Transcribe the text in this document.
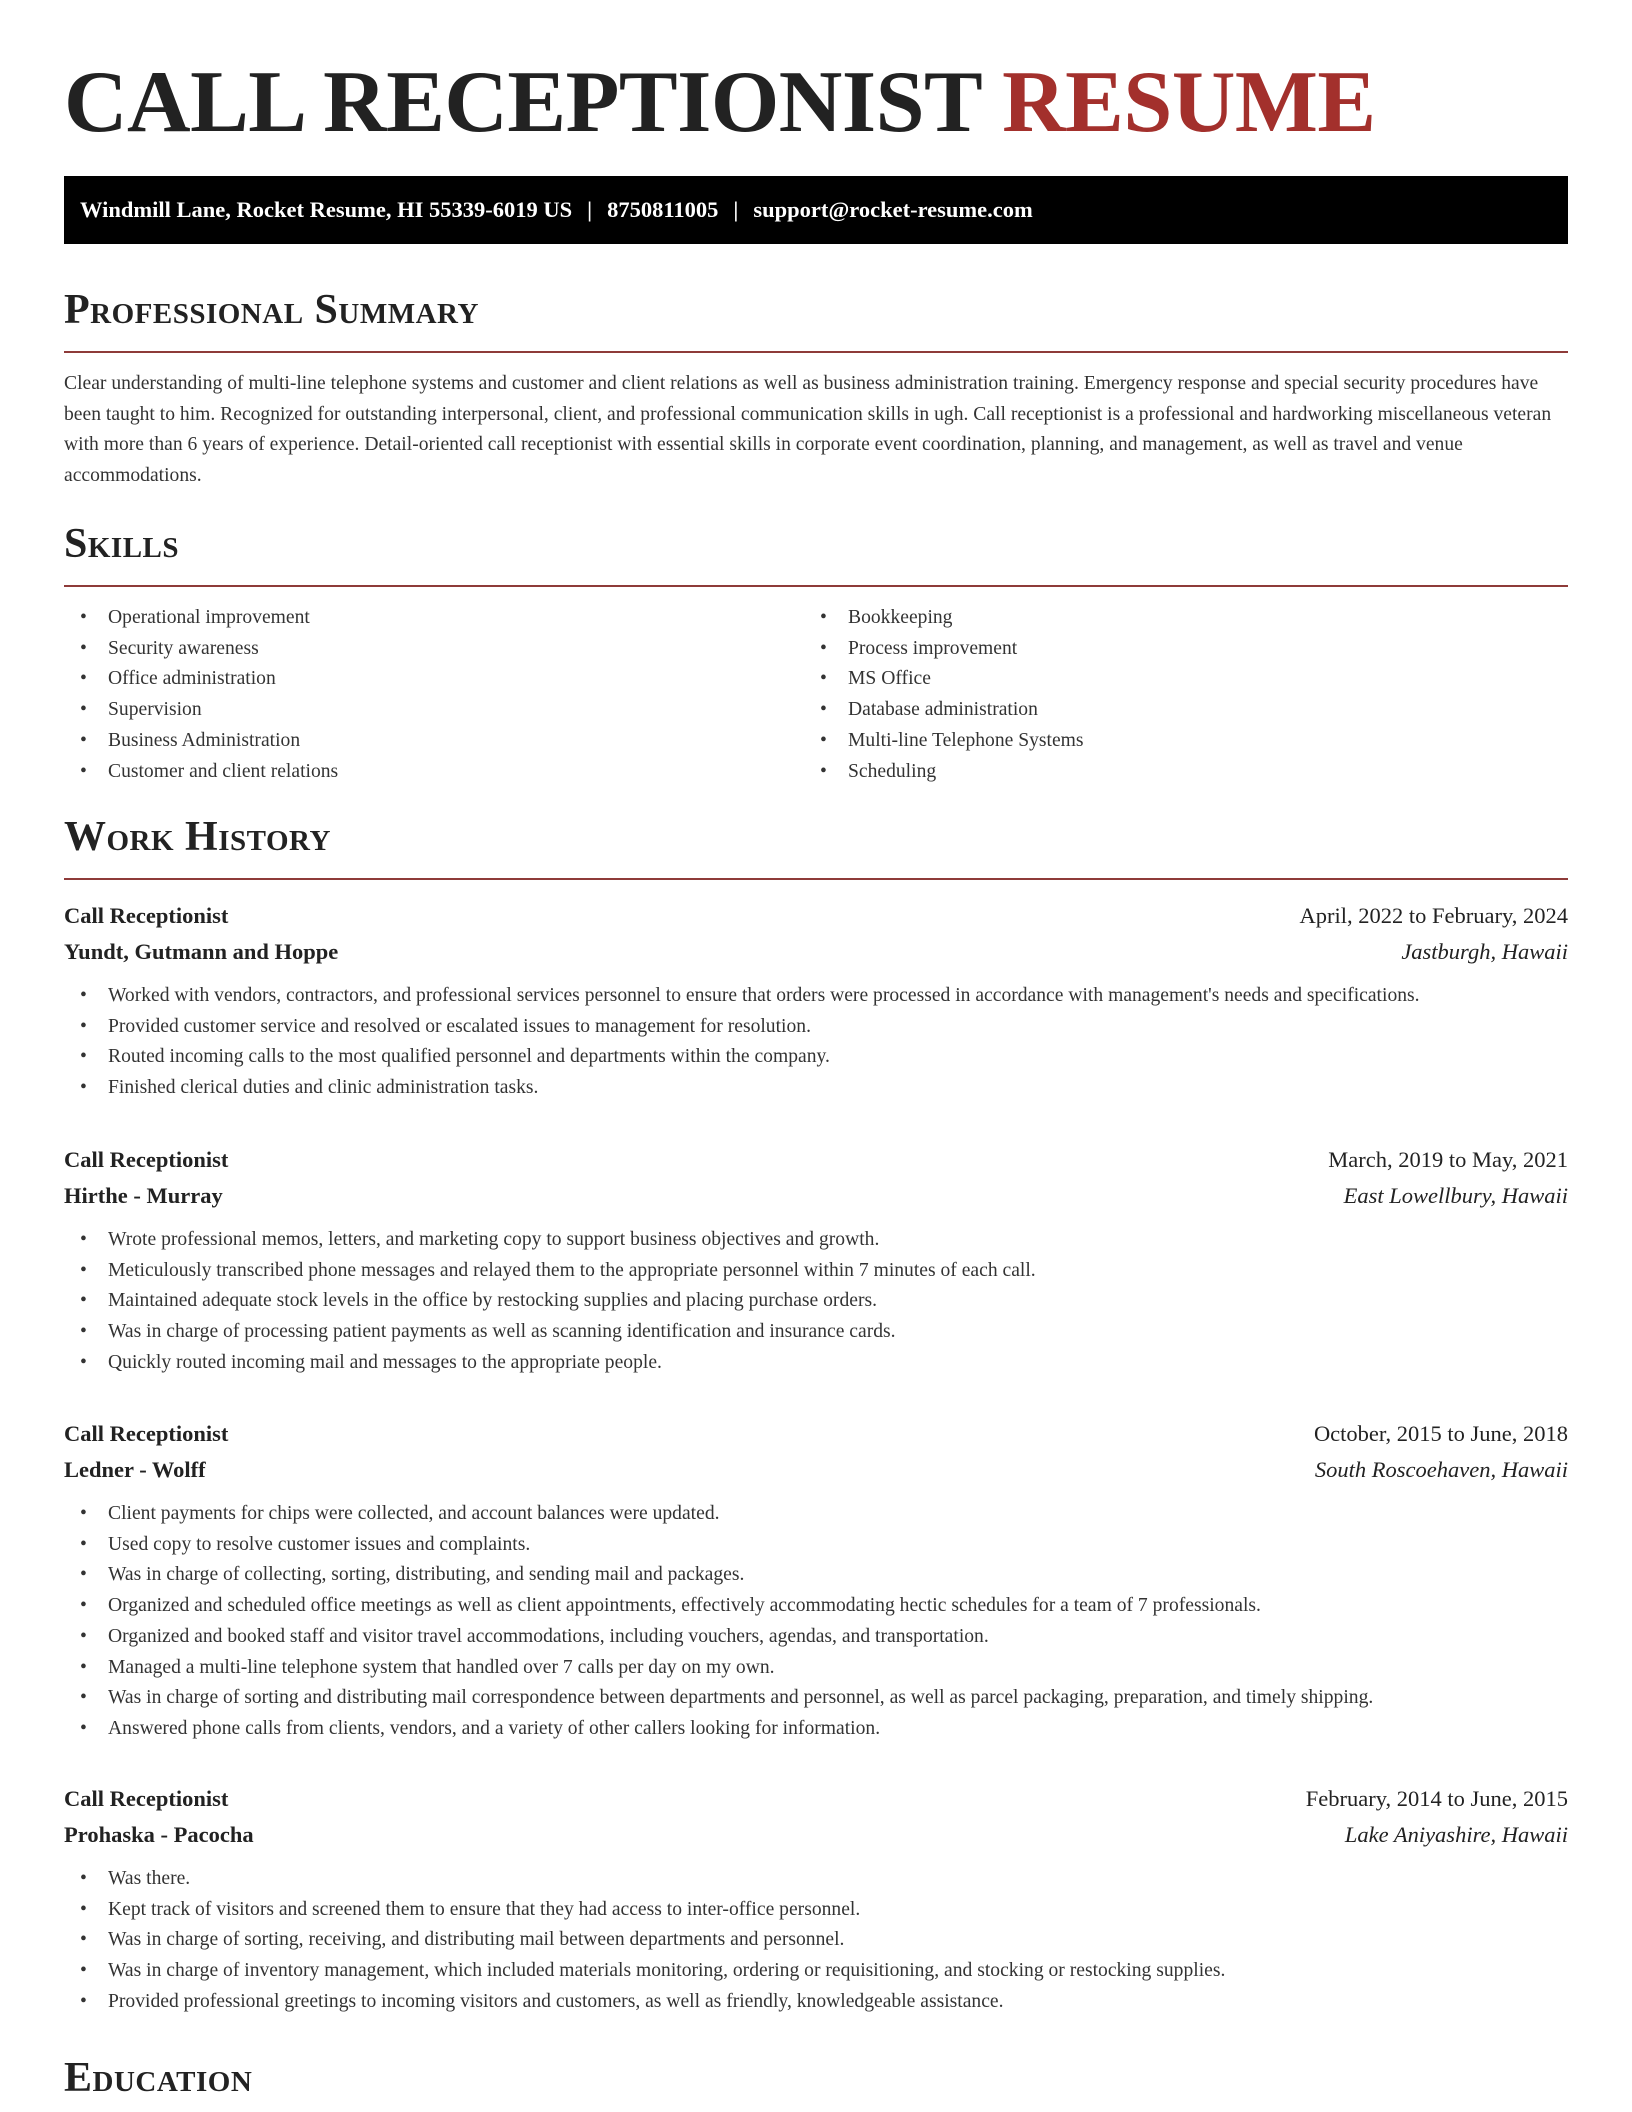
CALL RECEPTIONIST RESUME
Windmill Lane, Rocket Resume, HI 55339-6019 US | 8750811005 | support@rocket-resume.com
Professional Summary
Clear understanding of multi-line telephone systems and customer and client relations as well as business administration training. Emergency response and special security procedures have been taught to him. Recognized for outstanding interpersonal, client, and professional communication skills in ugh. Call receptionist is a professional and hardworking miscellaneous veteran with more than 6 years of experience. Detail-oriented call receptionist with essential skills in corporate event coordination, planning, and management, as well as travel and venue accommodations.
Skills
• Operational improvement
• Security awareness
• Office administration
• Supervision
• Business Administration
• Customer and client relations
• Bookkeeping
• Process improvement
• MS Office
• Database administration
• Multi-line Telephone Systems
• Scheduling
Work History
Call Receptionist	April, 2022 to February, 2024
Yundt, Gutmann and Hoppe	Jastburgh, Hawaii
• Worked with vendors, contractors, and professional services personnel to ensure that orders were processed in accordance with management's needs and specifications.
• Provided customer service and resolved or escalated issues to management for resolution.
• Routed incoming calls to the most qualified personnel and departments within the company.
• Finished clerical duties and clinic administration tasks.
Call Receptionist	March, 2019 to May, 2021
Hirthe - Murray	East Lowellbury, Hawaii
• Wrote professional memos, letters, and marketing copy to support business objectives and growth.
• Meticulously transcribed phone messages and relayed them to the appropriate personnel within 7 minutes of each call.
• Maintained adequate stock levels in the office by restocking supplies and placing purchase orders.
• Was in charge of processing patient payments as well as scanning identification and insurance cards.
• Quickly routed incoming mail and messages to the appropriate people.
Call Receptionist	October, 2015 to June, 2018
Ledner - Wolff	South Roscoehaven, Hawaii
• Client payments for chips were collected, and account balances were updated.
• Used copy to resolve customer issues and complaints.
• Was in charge of collecting, sorting, distributing, and sending mail and packages.
• Organized and scheduled office meetings as well as client appointments, effectively accommodating hectic schedules for a team of 7 professionals.
• Organized and booked staff and visitor travel accommodations, including vouchers, agendas, and transportation.
• Managed a multi-line telephone system that handled over 7 calls per day on my own.
• Was in charge of sorting and distributing mail correspondence between departments and personnel, as well as parcel packaging, preparation, and timely shipping.
• Answered phone calls from clients, vendors, and a variety of other callers looking for information.
Call Receptionist	February, 2014 to June, 2015
Prohaska - Pacocha	Lake Aniyashire, Hawaii
• Was there.
• Kept track of visitors and screened them to ensure that they had access to inter-office personnel.
• Was in charge of sorting, receiving, and distributing mail between departments and personnel.
• Was in charge of inventory management, which included materials monitoring, ordering or requisitioning, and stocking or restocking supplies.
• Provided professional greetings to incoming visitors and customers, as well as friendly, knowledgeable assistance.
Education
